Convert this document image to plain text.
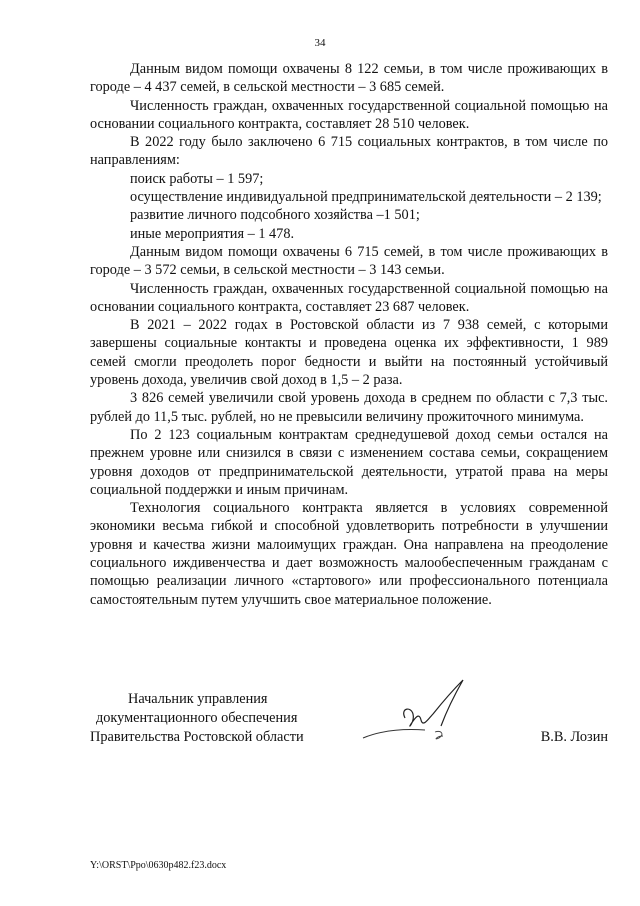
34

Данным видом помощи охвачены 8 122 семьи, в том числе проживающих в городе – 4 437 семей, в сельской местности – 3 685 семей.

Численность граждан, охваченных государственной социальной помощью на основании социального контракта, составляет 28 510 человек.

В 2022 году было заключено 6 715 социальных контрактов, в том числе по направлениям:

поиск работы – 1 597;

осуществление индивидуальной предпринимательской деятельности – 2 139;

развитие личного подсобного хозяйства –1 501;

иные мероприятия – 1 478.

Данным видом помощи охвачены 6 715 семей, в том числе проживающих в городе – 3 572 семьи, в сельской местности – 3 143 семьи.

Численность граждан, охваченных государственной социальной помощью на основании социального контракта, составляет 23 687 человек.

В 2021 – 2022 годах в Ростовской области из 7 938 семей, с которыми завершены социальные контакты и проведена оценка их эффективности, 1 989 семей смогли преодолеть порог бедности и выйти на постоянный устойчивый уровень дохода, увеличив свой доход в 1,5 – 2 раза.

3 826 семей увеличили свой уровень дохода в среднем по области с 7,3 тыс. рублей до 11,5 тыс. рублей, но не превысили величину прожиточного минимума.

По 2 123 социальным контрактам среднедушевой доход семьи остался на прежнем уровне или снизился в связи с изменением состава семьи, сокращением уровня доходов от предпринимательской деятельности, утратой права на меры социальной поддержки и иным причинам.

Технология социального контракта является в условиях современной экономики весьма гибкой и способной удовлетворить потребности в улучшении уровня и качества жизни малоимущих граждан. Она направлена на преодоление социального иждивенчества и дает возможность малообеспеченным гражданам с помощью реализации личного «стартового» или профессионального потенциала самостоятельным путем улучшить свое материальное положение.

Начальник управления
документационного обеспечения
Правительства Ростовской области	В.В. Лозин
Y:\ORST\Ppo\0630p482.f23.docx
